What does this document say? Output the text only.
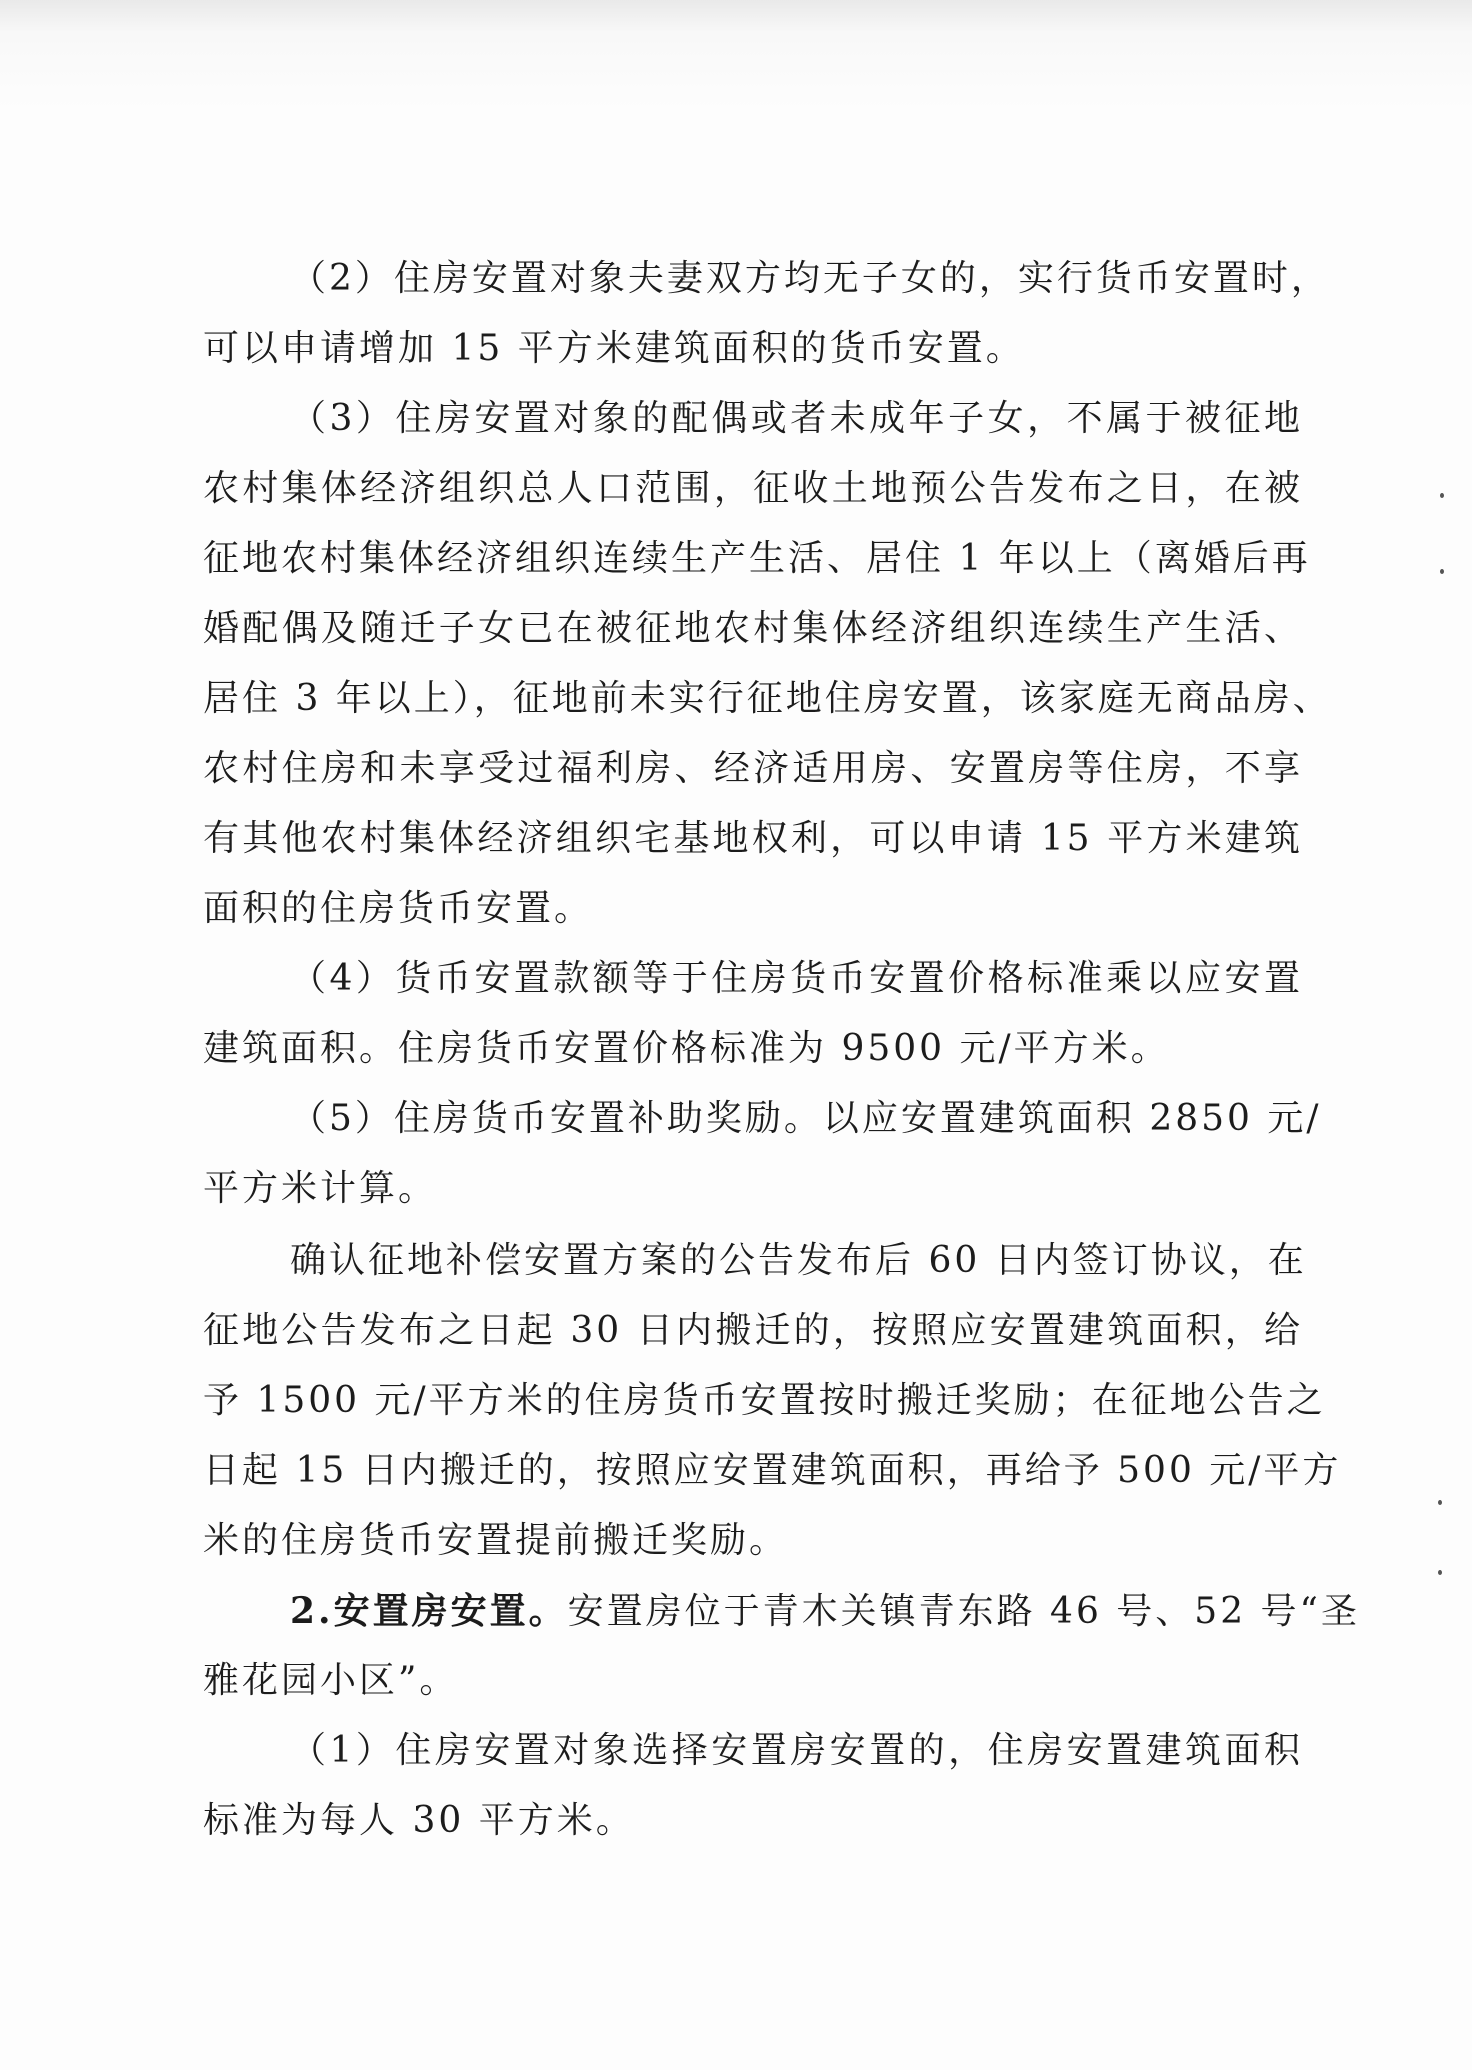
（2）住房安置对象夫妻双方均无子女的，实行货币安置时，
可以申请增加 15 平方米建筑面积的货币安置。
（3）住房安置对象的配偶或者未成年子女，不属于被征地
农村集体经济组织总人口范围，征收土地预公告发布之日，在被
征地农村集体经济组织连续生产生活、居住 1 年以上（离婚后再
婚配偶及随迁子女已在被征地农村集体经济组织连续生产生活、
居住 3 年以上），征地前未实行征地住房安置，该家庭无商品房、
农村住房和未享受过福利房、经济适用房、安置房等住房，不享
有其他农村集体经济组织宅基地权利，可以申请 15 平方米建筑
面积的住房货币安置。
（4）货币安置款额等于住房货币安置价格标准乘以应安置
建筑面积。住房货币安置价格标准为 9500 元/平方米。
（5）住房货币安置补助奖励。以应安置建筑面积 2850 元/
平方米计算。
确认征地补偿安置方案的公告发布后 60 日内签订协议，在
征地公告发布之日起 30 日内搬迁的，按照应安置建筑面积，给
予 1500 元/平方米的住房货币安置按时搬迁奖励；在征地公告之
日起 15 日内搬迁的，按照应安置建筑面积，再给予 500 元/平方
米的住房货币安置提前搬迁奖励。
2.安置房安置。安置房位于青木关镇青东路 46 号、52 号“圣
雅花园小区”。
（1）住房安置对象选择安置房安置的，住房安置建筑面积
标准为每人 30 平方米。
